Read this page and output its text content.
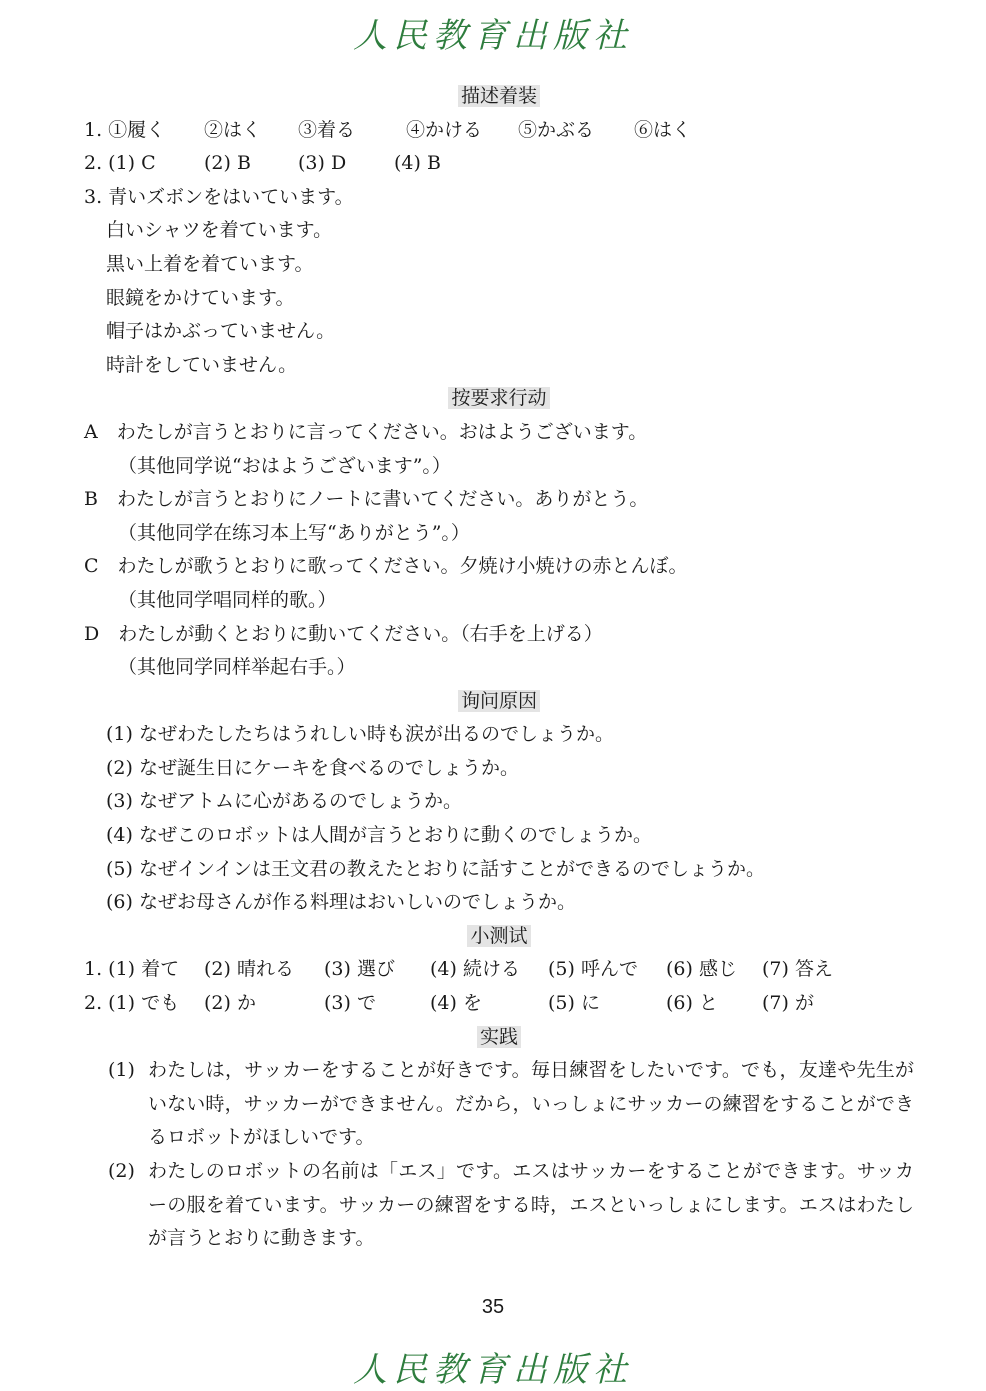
人民教育出版社
描述着装
1. ①履く	②はく	③着る	④かける	⑤かぶる	⑥はく
2. (1) C	(2) B	(3) D	(4) B
3. 青いズボンをはいています。
白いシャツを着ています。
黒い上着を着ています。
眼鏡をかけています。
帽子はかぶっていません。
時計をしていません。
按要求行动
A　わたしが言うとおりに言ってください。おはようございます。
（其他同学说“おはようございます”。）
B　わたしが言うとおりにノートに書いてください。ありがとう。
（其他同学在练习本上写“ありがとう”。）
C　わたしが歌うとおりに歌ってください。夕焼け小焼けの赤とんぼ。
（其他同学唱同样的歌。）
D　わたしが動くとおりに動いてください。（右手を上げる）
（其他同学同样举起右手。）
询问原因
(1) なぜわたしたちはうれしい時も涙が出るのでしょうか。
(2) なぜ誕生日にケーキを食べるのでしょうか。
(3) なぜアトムに心があるのでしょうか。
(4) なぜこのロボットは人間が言うとおりに動くのでしょうか。
(5) なぜインインは王文君の教えたとおりに話すことができるのでしょうか。
(6) なぜお母さんが作る料理はおいしいのでしょうか。
小测试
1. (1) 着て	(2) 晴れる	(3) 選び	(4) 続ける	(5) 呼んで	(6) 感じ	(7) 答え
2. (1) でも	(2) か	(3) で	(4) を	(5) に	(6) と	(7) が
实践
(1) わたしは，サッカーをすることが好きです。毎日練習をしたいです。でも，友達や先生がいない時，サッカーができません。だから，いっしょにサッカーの練習をすることができるロボットがほしいです。
(2) わたしのロボットの名前は「エス」です。エスはサッカーをすることができます。サッカーの服を着ています。サッカーの練習をする時，エスといっしょにします。エスはわたしが言うとおりに動きます。
35
人民教育出版社
